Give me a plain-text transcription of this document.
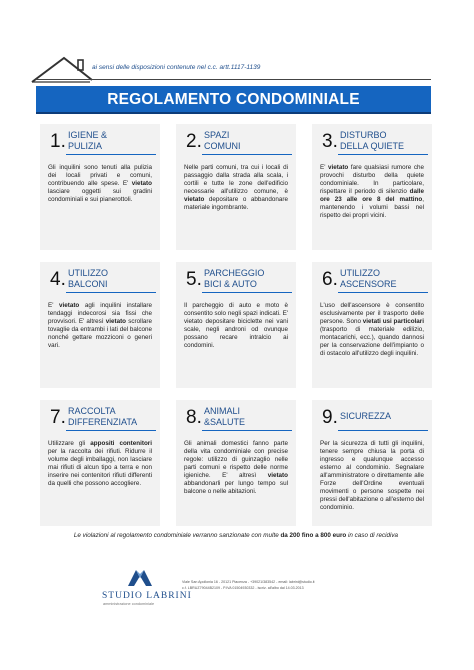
ai sensi delle disposizioni contenute nel c.c. artt.1117-1139
REGOLAMENTO CONDOMINIALE
1. IGIENE &
PULIZIA
Gli inquilini sono tenuti alla pulizia dei locali privati e comuni, contribuendo alle spese. E' vietato lasciare oggetti sui gradini condominiali e sui pianerottoli.
2. SPAZI
COMUNI
Nelle parti comuni, tra cui i locali di passaggio dalla strada alla scala, i cortili e tutte le zone dell'edificio necessarie all'utilizzo comune, è vietato depositare o abbandonare materiale ingombrante.
3. DISTURBO
DELLA QUIETE
E' vietato fare qualsiasi rumore che provochi disturbo della quiete condominiale. In particolare, rispettare il periodo di silenzio dalle ore 23 alle ore 8 del mattino, mantenendo i volumi bassi nel rispetto dei propri vicini.
4. UTILIZZO
BALCONI
E' vietato agli inquilini installare tendaggi indecorosi sia fissi che provvisori. E' altresì vietato scrollare tovaglie da entrambi i lati del balcone nonché gettare mozziconi o generi vari.
5. PARCHEGGIO
BICI & AUTO
Il parcheggio di auto e moto è consentito solo negli spazi indicati. E' vietato depositare biciclette nei vani scale, negli androni od ovunque possano recare intralcio ai condomini.
6. UTILIZZO
ASCENSORE
L'uso dell'ascensore è consentito esclusivamente per il trasporto delle persone. Sono vietati usi particolari (trasporto di materiale edilizio, montacarichi, ecc.), quando dannosi per la conservazione dell'impianto o di ostacolo all'utilizzo degli inquilini.
7. RACCOLTA
DIFFERENZIATA
Utilizzare gli appositi contenitori per la raccolta dei rifiuti. Ridurre il volume degli imballaggi, non lasciare mai rifiuti di alcun tipo a terra e non inserire nei contenitori rifiuti differenti da quelli che possono accogliere.
8. ANIMALI
&SALUTE
Gli animali domestici fanno parte della vita condominiale con precise regole: utilizzo di guinzaglio nelle parti comuni e rispetto delle norme igieniche. E' altresì vietato abbandonarli per lungo tempo sul balcone o nelle abitazioni.
9. SICUREZZA
Per la sicurezza di tutti gli inquilini, tenere sempre chiusa la porta di ingresso e qualunque accesso esterno al condominio. Segnalare all'amministratore o direttamente alle Forze dell'Ordine eventuali movimenti o persone sospette nei pressi dell'abitazione o all'esterno del condominio.
Le violazioni al regolamento condominiale verranno sanzionate con multe da 200 fino a 800 euro in caso di recidiva
STUDIO LABRINI
amministrazione condominiale
Viale San Apollonia 16 - 20121 Piacenza - +39021/383542 - email: labrini@studio.it
c.f. LBRUZ79044B2109 - P.IVA 01504930332 - iscriz. all'albo dal 14.03.2013
